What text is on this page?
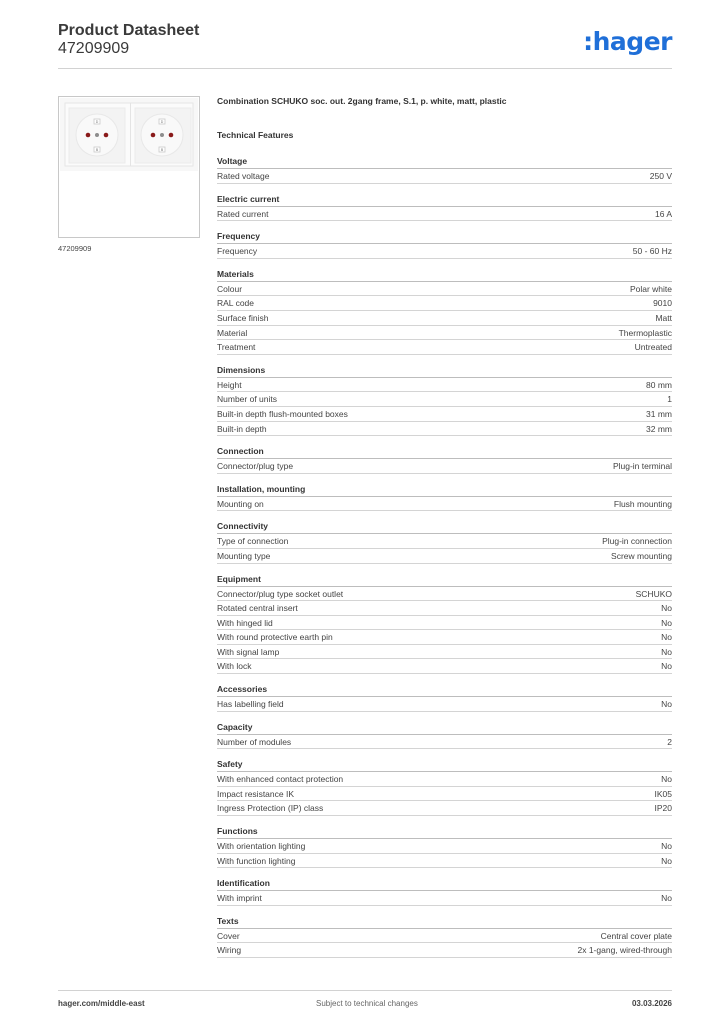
Product Datasheet
47209909	:hager
D
B
D
B
47209909
Combination SCHUKO soc. out. 2gang frame, S.1, p. white, matt, plastic
Technical Features
Voltage
Rated voltage	250 V
Electric current
Rated current	16 A
Frequency
Frequency	50 - 60 Hz
Materials
Colour	Polar white
RAL code	9010
Surface finish	Matt
Material	Thermoplastic
Treatment	Untreated
Dimensions
Height	80 mm
Number of units	1
Built-in depth flush-mounted boxes	31 mm
Built-in depth	32 mm
Connection
Connector/plug type	Plug-in terminal
Installation, mounting
Mounting on	Flush mounting
Connectivity
Type of connection	Plug-in connection
Mounting type	Screw mounting
Equipment
Connector/plug type socket outlet	SCHUKO
Rotated central insert	No
With hinged lid	No
With round protective earth pin	No
With signal lamp	No
With lock	No
Accessories
Has labelling field	No
Capacity
Number of modules	2
Safety
With enhanced contact protection	No
Impact resistance IK	IK05
Ingress Protection (IP) class	IP20
Functions
With orientation lighting	No
With function lighting	No
Identification
With imprint	No
Texts
Cover	Central cover plate
Wiring	2x 1-gang, wired-through
hager.com/middle-east	Subject to technical changes	03.03.2026
